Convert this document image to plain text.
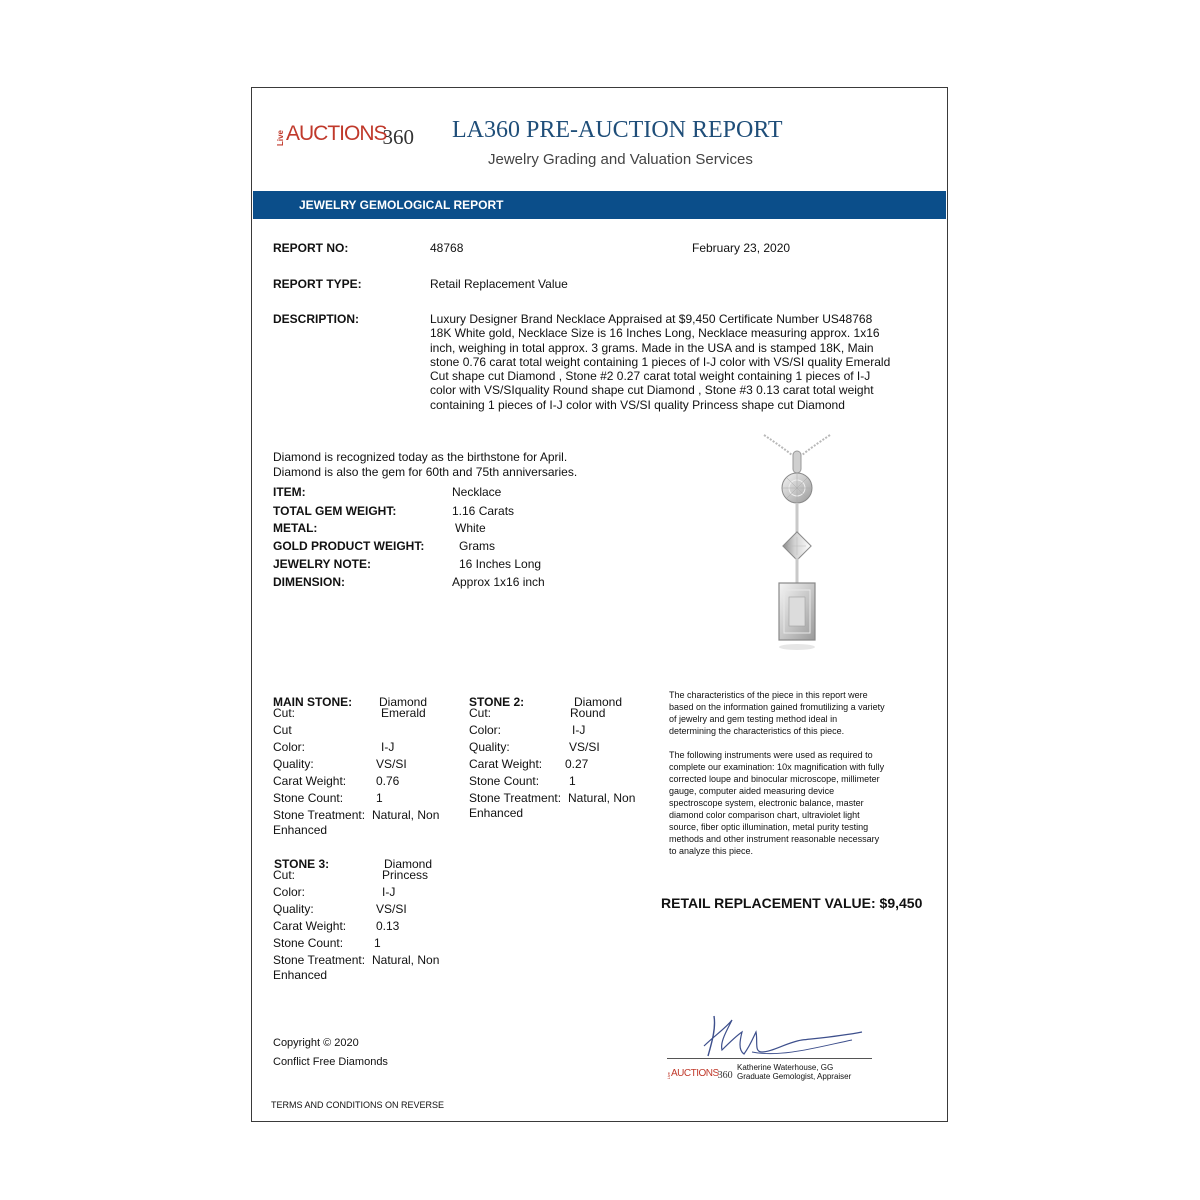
Live AUCTIONS
360 LA360 PRE-AUCTION REPORT
Jewelry Grading and Valuation Services
JEWELRY GEMOLOGICAL REPORT
REPORT NO:	48768	February 23, 2020
REPORT TYPE:	Retail Replacement Value
DESCRIPTION:	Luxury Designer Brand Necklace Appraised at $9,450 Certificate Number US48768
18K White gold, Necklace Size is 16 Inches Long, Necklace measuring approx. 1x16
inch, weighing in total approx. 3 grams. Made in the USA and is stamped 18K, Main
stone 0.76 carat total weight containing 1 pieces of I-J color with VS/SI quality Emerald
Cut shape cut Diamond , Stone #2 0.27 carat total weight containing 1 pieces of I-J
color with VS/SIquality Round shape cut Diamond , Stone #3 0.13 carat total weight
containing 1 pieces of I-J color with VS/SI quality Princess shape cut Diamond
Diamond is recognized today as the birthstone for April.
Diamond is also the gem for 60th and 75th anniversaries.
ITEM:	Necklace
TOTAL GEM WEIGHT:	1.16 Carats
METAL:	White
GOLD PRODUCT WEIGHT:	Grams
JEWELRY NOTE:	16 Inches Long
DIMENSION:	Approx 1x16 inch
MAIN STONE: Diamond
Cut:	Emerald
Cut
Color:	I-J
Quality:	VS/SI
Carat Weight: 0.76
Stone Count:	1
Stone Treatment: Natural, Non
Enhanced
STONE 2:	Diamond
Cut:	Round
Color:	I-J
Quality:	VS/SI
Carat Weight: 0.27
Stone Count: 1
Stone Treatment: Natural, Non
Enhanced
STONE 3:	Diamond
Cut:	Princess
Color:	I-J
Quality:	VS/SI
Carat Weight: 0.13
Stone Count:	1
Stone Treatment: Natural, Non
Enhanced
The characteristics of the piece in this report were
based on the information gained fromutilizing a variety
of jewelry and gem testing method ideal in
determining the characteristics of this piece.
The following instruments were used as required to
complete our examination: 10x magnification with fully
corrected loupe and binocular microscope, millimeter
gauge, computer aided measuring device
spectroscope system, electronic balance, master
diamond color comparison chart, ultraviolet light
source, fiber optic illumination, metal purity testing
methods and other instrument reasonable necessary
to analyze this piece.
RETAIL REPLACEMENT VALUE: $9,450
Copyright © 2020
Conflict Free Diamonds
TERMS AND CONDITIONS ON REVERSE
Live AUCTIONS 360
Katherine Waterhouse, GG
Graduate Gemologist, Appraiser
